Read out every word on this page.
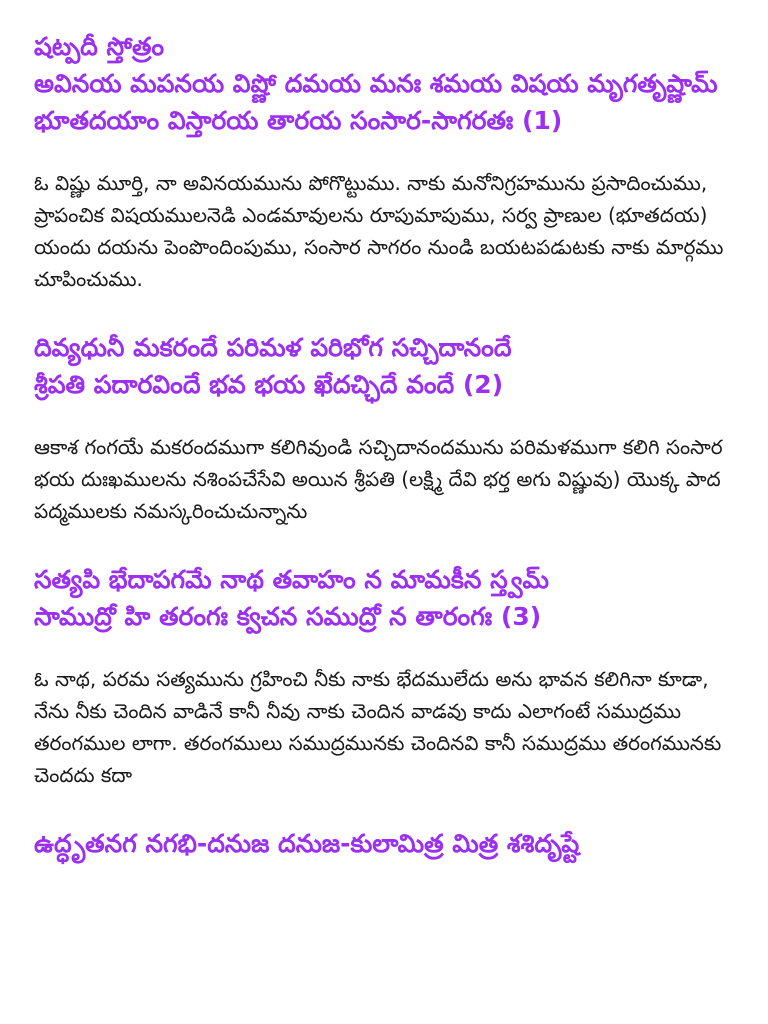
షట్పదీ స్తోత్రం
అవినయ మపనయ విష్ణో దమయ మనః శమయ విషయ మృగతృష్ణామ్
భూతదయాం విస్తారయ తారయ సంసార-సాగరతః (1)

ఓ విష్ణు మూర్తి, నా అవినయమును పోగొట్టుము. నాకు మనోనిగ్రహమును ప్రసాదించుము, ప్రాపంచిక విషయములనెడి ఎండమావులను రూపుమాపుము, సర్వ ప్రాణుల (భూతదయ) యందు దయను పెంపొందింపుము, సంసార సాగరం నుండి బయటపడుటకు నాకు మార్గము చూపించుము.

దివ్యధునీ మకరందే పరిమళ పరిభోగ సచ్చిదానందే
శ్రీపతి పదారవిందే భవ భయ ఖేదచ్ఛిదే వందే (2)

ఆకాశ గంగయే మకరందముగా కలిగివుండి సచ్చిదానందమును పరిమళముగా కలిగి సంసార భయ దుఃఖములను నశింపచేసేవి అయిన శ్రీపతి (లక్ష్మి దేవి భర్త అగు విష్ణువు) యొక్క పాద పద్మములకు నమస్కరించుచున్నాను

సత్యపి భేదాపగమే నాథ తవాహం న మామకీన స్త్వమ్
సాముద్రో హి తరంగః క్వచన సముద్రో న తారంగః (3)

ఓ నాథ, పరమ సత్యమును గ్రహించి నీకు నాకు భేదములేదు అను భావన కలిగినా కూడా, నేను నీకు చెందిన వాడినే కానీ నీవు నాకు చెందిన వాడవు కాదు ఎలాగంటే సముద్రము తరంగముల లాగా. తరంగములు సముద్రమునకు చెందినవి కానీ సముద్రము తరంగమునకు చెందదు కదా

ఉద్ధృతనగ నగభి-దనుజ దనుజ-కులామిత్ర మిత్ర శశిదృష్టే
